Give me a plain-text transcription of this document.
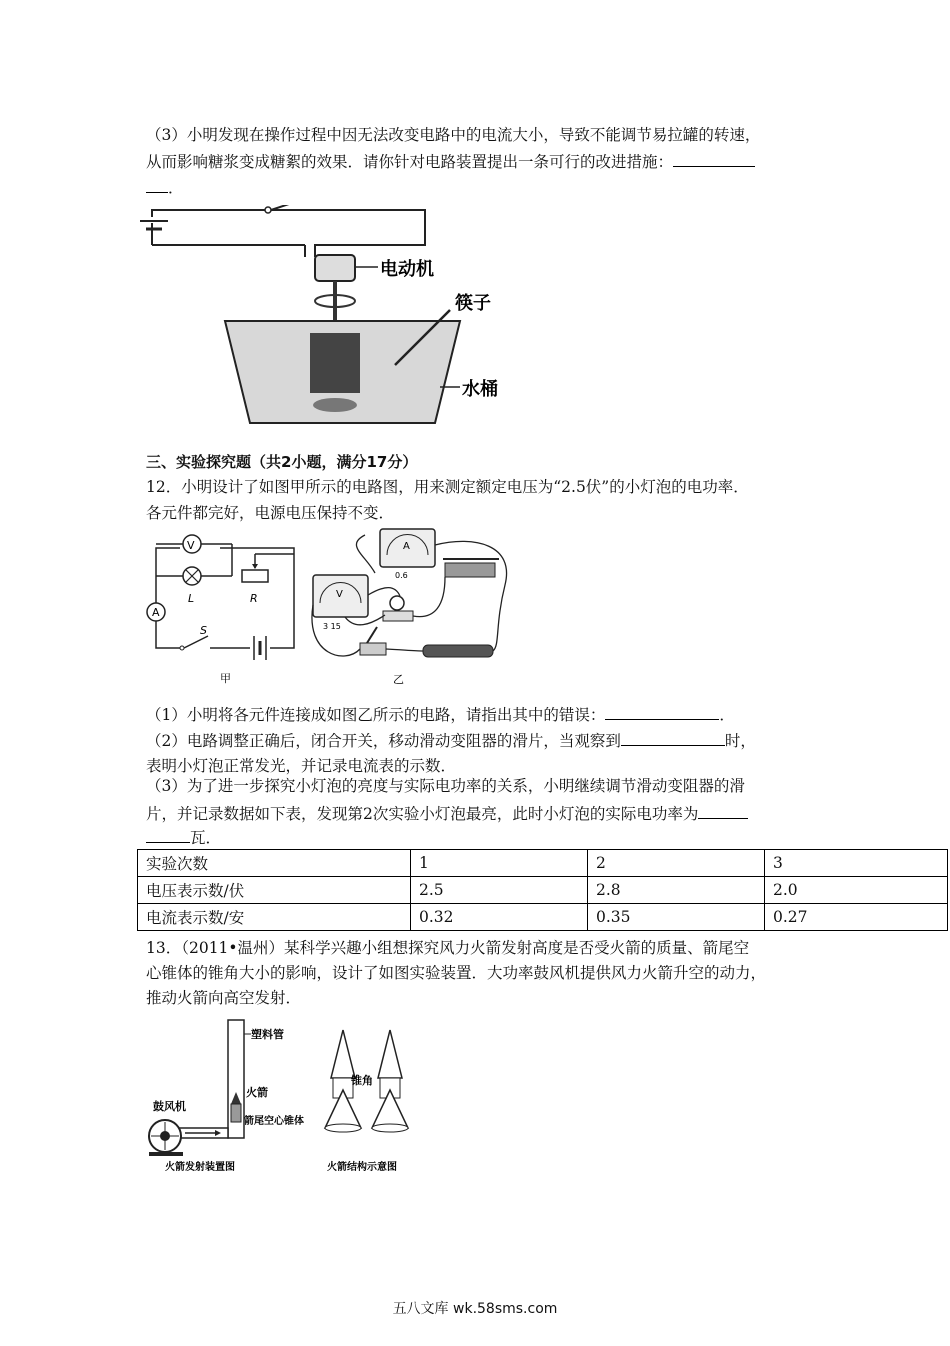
（3）小明发现在操作过程中因无法改变电路中的电流大小，导致不能调节易拉罐的转速，
从而影响糖浆变成糖絮的效果．请你针对电路装置提出一条可行的改进措施：
．
电动机
筷子
水桶
三、实验探究题（共2小题，满分17分）
12．小明设计了如图甲所示的电路图，用来测定额定电压为“2.5伏”的小灯泡的电功率．
各元件都完好，电源电压保持不变．
V
L	R
A
S
甲
A
0.6
V
3 15
乙
（1）小明将各元件连接成如图乙所示的电路，请指出其中的错误：	．
（2）电路调整正确后，闭合开关，移动滑动变阻器的滑片，当观察到	时，
表明小灯泡正常发光，并记录电流表的示数．
（3）为了进一步探究小灯泡的亮度与实际电功率的关系，小明继续调节滑动变阻器的滑
片，并记录数据如下表，发现第2次实验小灯泡最亮，此时小灯泡的实际电功率为
瓦．
实验次数	1	2	3
电压表示数/伏	2.5	2.8	2.0
电流表示数/安	0.32	0.35	0.27
13．（2011•温州）某科学兴趣小组想探究风力火箭发射高度是否受火箭的质量、箭尾空
心锥体的锥角大小的影响，设计了如图实验装置．大功率鼓风机提供风力火箭升空的动力，
推动火箭向高空发射．
塑料管
火箭
箭尾空心锥体
鼓风机
火箭发射装置图
锥角
火箭结构示意图
五八文库 wk.58sms.com
